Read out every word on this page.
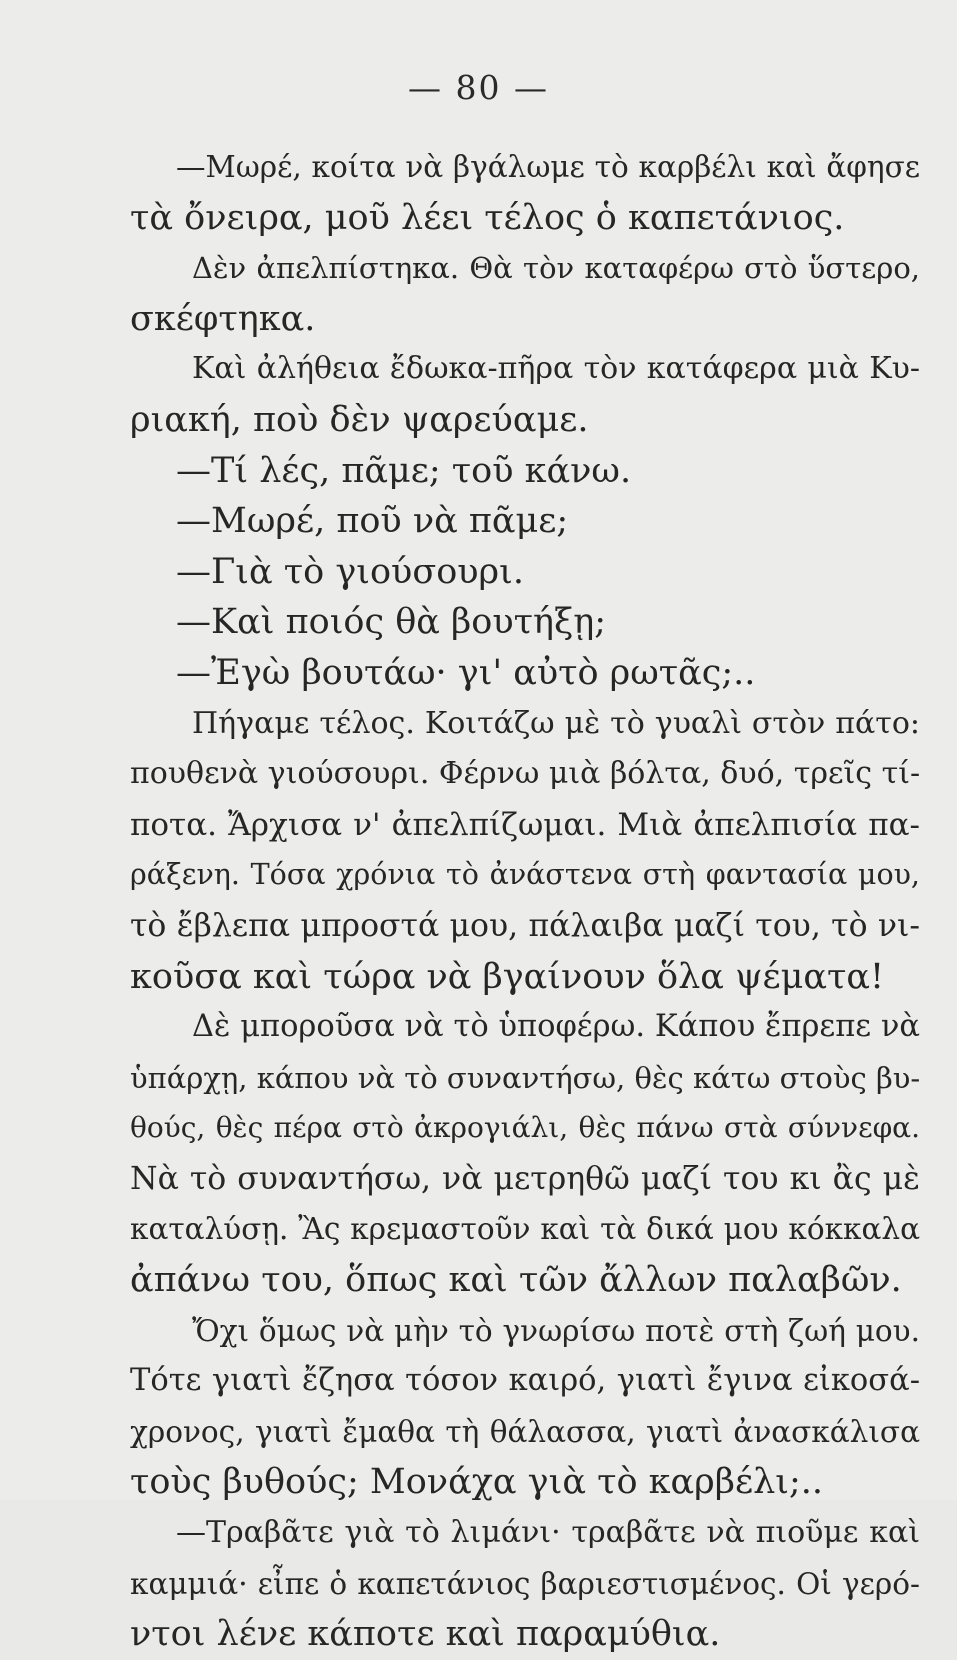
— 80 —
—Μωρέ, κοίτα νὰ βγάλωμε τὸ καρβέλι καὶ ἄφησε
τὰ ὄνειρα, μοῦ λέει τέλος ὁ καπετάνιος.
Δὲν ἀπελπίστηκα. Θὰ τὸν καταφέρω στὸ ὕστερο,
σκέφτηκα.
Καὶ ἀλήθεια ἔδωκα-πῆρα τὸν κατάφερα μιὰ Κυ-
ριακή, ποὺ δὲν ψαρεύαμε.
—Τί λές, πᾶμε; τοῦ κάνω.
—Μωρέ, ποῦ νὰ πᾶμε;
—Γιὰ τὸ γιούσουρι.
—Καὶ ποιός θὰ βουτήξῃ;
—Ἐγὼ βουτάω· γι' αὐτὸ ρωτᾶς;..
Πήγαμε τέλος. Κοιτάζω μὲ τὸ γυαλὶ στὸν πάτο:
πουθενὰ γιούσουρι. Φέρνω μιὰ βόλτα, δυό, τρεῖς τί-
ποτα. Ἄρχισα ν' ἀπελπίζωμαι. Μιὰ ἀπελπισία πα-
ράξενη. Τόσα χρόνια τὸ ἀνάστενα στὴ φαντασία μου,
τὸ ἔβλεπα μπροστά μου, πάλαιβα μαζί του, τὸ νι-
κοῦσα καὶ τώρα νὰ βγαίνουν ὅλα ψέματα!
Δὲ μποροῦσα νὰ τὸ ὑποφέρω. Κάπου ἔπρεπε νὰ
ὑπάρχῃ, κάπου νὰ τὸ συναντήσω, θὲς κάτω στοὺς βυ-
θούς, θὲς πέρα στὸ ἀκρογιάλι, θὲς πάνω στὰ σύννεφα.
Νὰ τὸ συναντήσω, νὰ μετρηθῶ μαζί του κι ἂς μὲ
καταλύσῃ. Ἂς κρεμαστοῦν καὶ τὰ δικά μου κόκκαλα
ἀπάνω του, ὅπως καὶ τῶν ἄλλων παλαβῶν.
Ὄχι ὅμως νὰ μὴν τὸ γνωρίσω ποτὲ στὴ ζωή μου.
Τότε γιατὶ ἔζησα τόσον καιρό, γιατὶ ἔγινα εἰκοσά-
χρονος, γιατὶ ἔμαθα τὴ θάλασσα, γιατὶ ἀνασκάλισα
τοὺς βυθούς; Μονάχα γιὰ τὸ καρβέλι;..
—Τραβᾶτε γιὰ τὸ λιμάνι· τραβᾶτε νὰ πιοῦμε καὶ
καμμιά· εἶπε ὁ καπετάνιος βαριεστισμένος. Οἱ γερό-
ντοι λένε κάποτε καὶ παραμύθια.
